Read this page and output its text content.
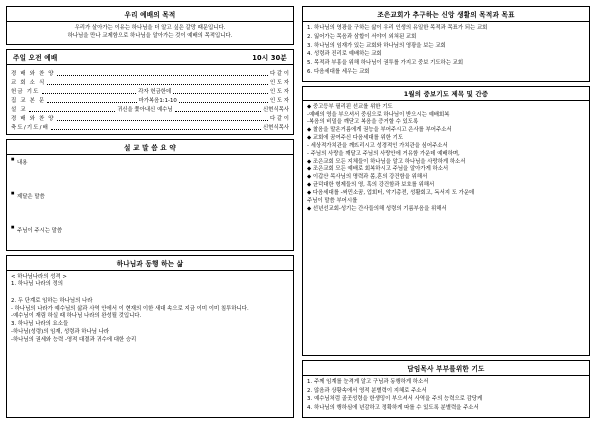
우리 예배의 목적
우리가 살아가는 이유는 하나님을 더 알고 싶은 갈망 때문입니다.
하나님을 만나 교제함으로 하나님을 알아가는 것이 예배의 목적입니다.
주일 오전 예배	10시 30분
경 배 와 찬 양	다 같 이
교 회 소 식	인 도 자
헌금 기도	각자 헌금한데	인 도 자
집 교 본 문	마가복음1:1-10	인 도 자
설 교	귀신을 쫓아내신 예수님	신현식목사
경 배 와 찬 양	다 같 이
축도/기도/배	신현식목사
설 교 말 씀 요 약
■ 내용
■ 제달은 말씀
■ 주님이 주시는 말씀
하나님과 동행 하는 삶
< 하나님나라의 성격 >
1. 하나님 나라의 정의
2. 두 단계로 임하는 하나님의 나라
- 하나님의 나라가 예수님의 삶과 사역 안에서 이 현재의 이한 새대 속으로 지금 이미 이미 침투하니다.
-예수님이 재림 하실 때 하나님 나라의 완성될 것입니다.
3. 하나님 나라의 요소들
-하나님(성령)의 임재, 성령과 하나님 나라
-하나님의 권세와 능력 -영적 대결과 귀수에 대한 승리
조은교회가 추구하는 신앙 생활의 목적과 목표
1. 하나님의 영광을 구하는 삶이 우리 인생의 유일한 목적과 목표가 되는 교회
2. 잃어가는 목음과 삼합이 서야이 외쳐된 교회
3. 하나님의 임재가 있는 교회와 하나님의 영광을 보는 교회
4. 성령과 진리로 예배하는 교회
5. 목적과 부흥을 위해 하나님이 권투를 가지고 중보 기도하는 교회
6. 다음세대를 세우는 교회
1월의 중보기도 제목 및 간증
◆ 중고등부 필리핀 선교를 위한 기도
-예배의 영을 부으셔서 중심으로 하나님이 받으시는 예배회복
-복음의 비밀을 깨닫고 복음을 증거할 수 있도록
◆ 찰음을 말온거름에게 권능을 부어주시고 은사를 부어주소서
◆ 교회에 꿈여주신 다음세대를 위한 기도
- 세상적가치관을 깨뜨리시고 성경적인 가치관을 심어주소서
- 주님의 사랑을 깨달고 주님의 사랑안에 거유함 가운데 예배하며,
◆ 조은교회 모든 지체들이 하나님을 알고 하나님을 사랑하게 하소서
◆ 조은교회 모든 예배로 회복하시고 주님을 알아가게 하소서
◆ 이갑산 목사님의 명력과 몸,혼의 강건함을 위해서
◆ 균덕대한 형제들의 영, 혹의 강건함과 보호를 위해서
◆ 다음세대를 -써민소꿈, 업회터, 악기총전, 성활회고, 독서지 도 가운데
주님이 말씀 부어시를
◆ 선년선교회-성기는 간사들의해 성령의 기름부음을 위해서
담임목사 부부를위한 기도
1. 주께 임계를 눈격게 알고 구님과 동행하게 하소서
2. 않음과 상황속에서 영적 분별력이 지혜로 주소서
3. 예수님처럼 골곳성령을 한생밍이 부으셔서 사역을 주의 능력으로 감당케
4. 하나님의 행하심에 년감하고 정확하게 따를 수 있도록 분별력을 주소서
